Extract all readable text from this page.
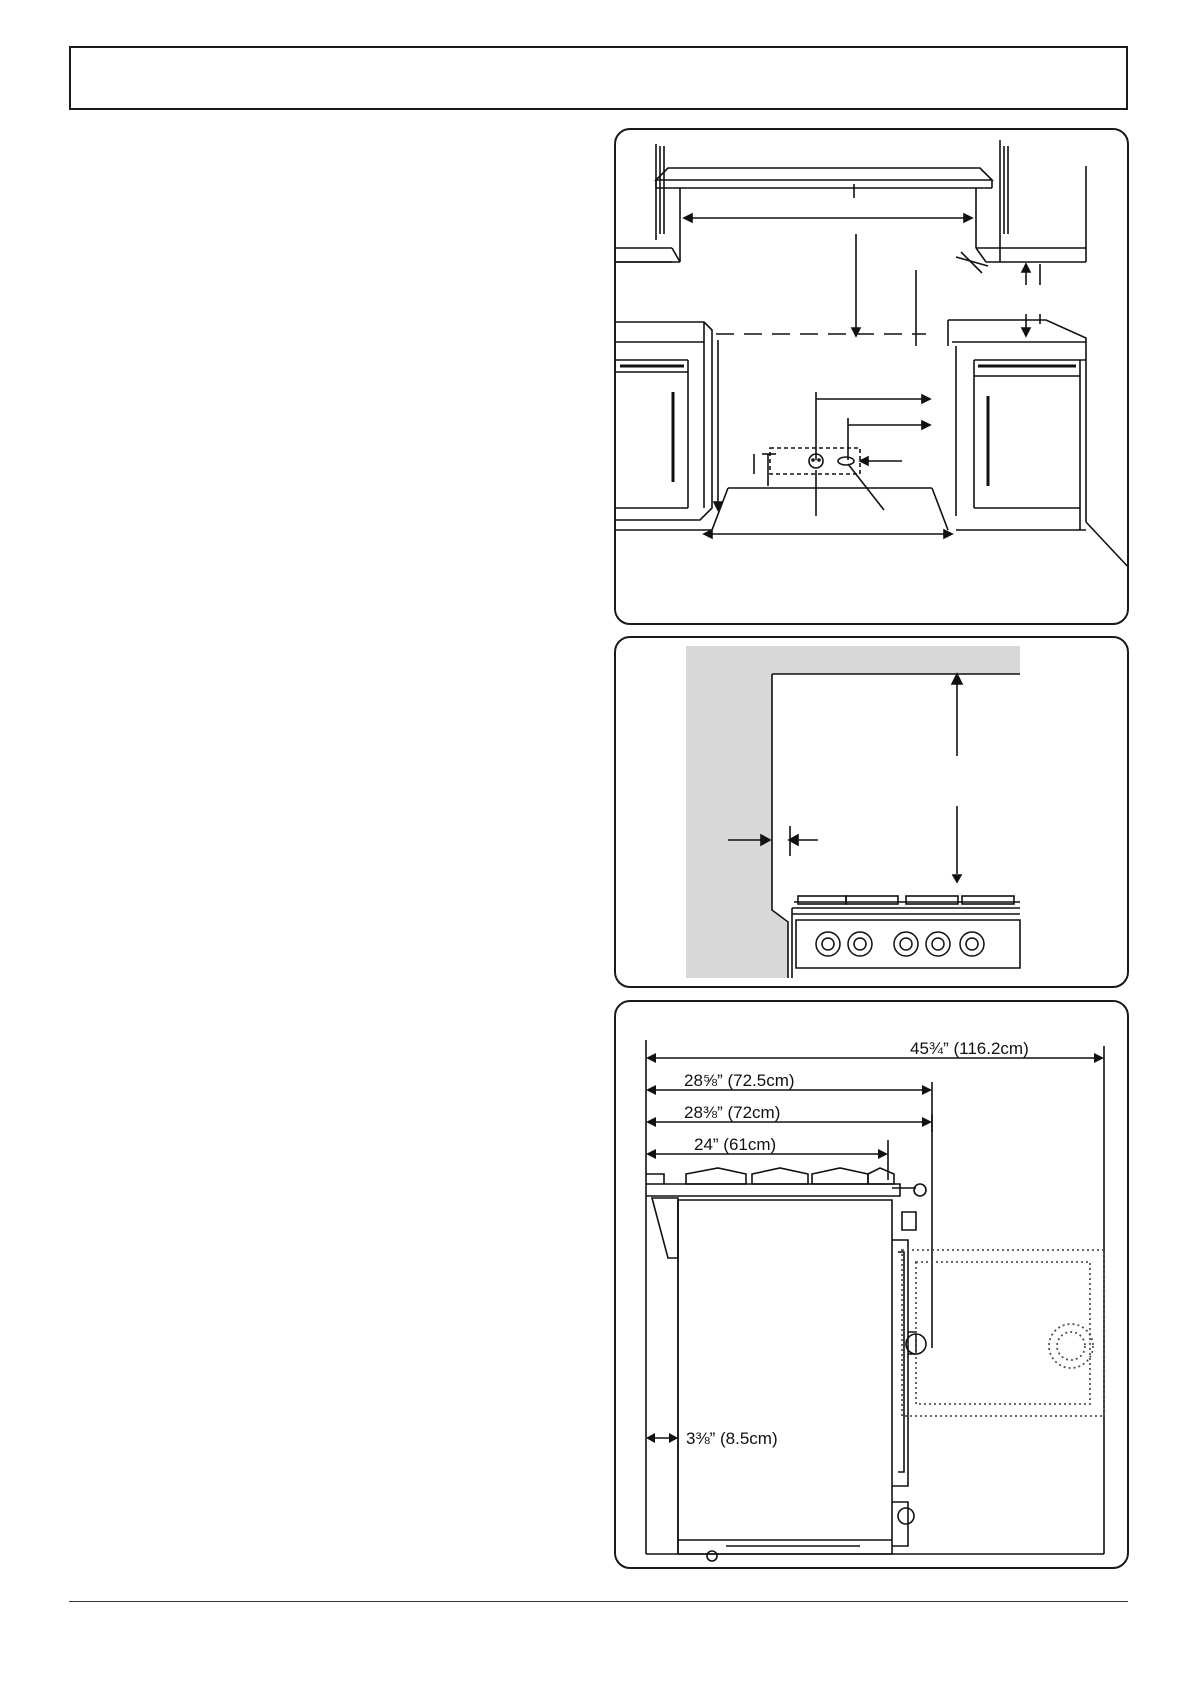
45¾” (116.2cm)
28⅝” (72.5cm)
28⅜” (72cm)
24” (61cm)
3⅜” (8.5cm)
